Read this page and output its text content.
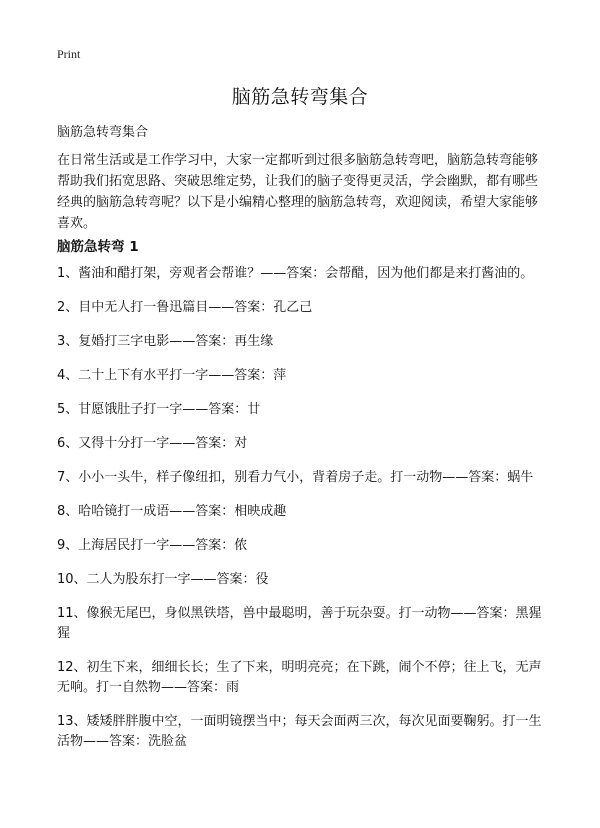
Print
脑筋急转弯集合

脑筋急转弯集合

在日常生活或是工作学习中，大家一定都听到过很多脑筋急转弯吧，脑筋急转弯能够帮助我们拓宽思路、突破思维定势，让我们的脑子变得更灵活，学会幽默，都有哪些经典的脑筋急转弯呢？以下是小编精心整理的脑筋急转弯，欢迎阅读，希望大家能够喜欢。

脑筋急转弯 1
1、酱油和醋打架，旁观者会帮谁？——答案：会帮醋，因为他们都是来打酱油的。
2、目中无人打一鲁迅篇目——答案：孔乙己
3、复婚打三字电影——答案：再生缘
4、二十上下有水平打一字——答案：萍
5、甘愿饿肚子打一字——答案：廿
6、又得十分打一字——答案：对
7、小小一头牛，样子像纽扣，别看力气小，背着房子走。打一动物——答案：蜗牛
8、哈哈镜打一成语——答案：相映成趣
9、上海居民打一字——答案：侬
10、二人为股东打一字——答案：役
11、像猴无尾巴，身似黑铁塔，兽中最聪明，善于玩杂耍。打一动物——答案：黑猩猩
12、初生下来，细细长长；生了下来，明明亮亮；在下跳，闹个不停；往上飞，无声无响。打一自然物——答案：雨
13、矮矮胖胖腹中空，一面明镜摆当中；每天会面两三次，每次见面要鞠躬。打一生活物——答案：洗脸盆
